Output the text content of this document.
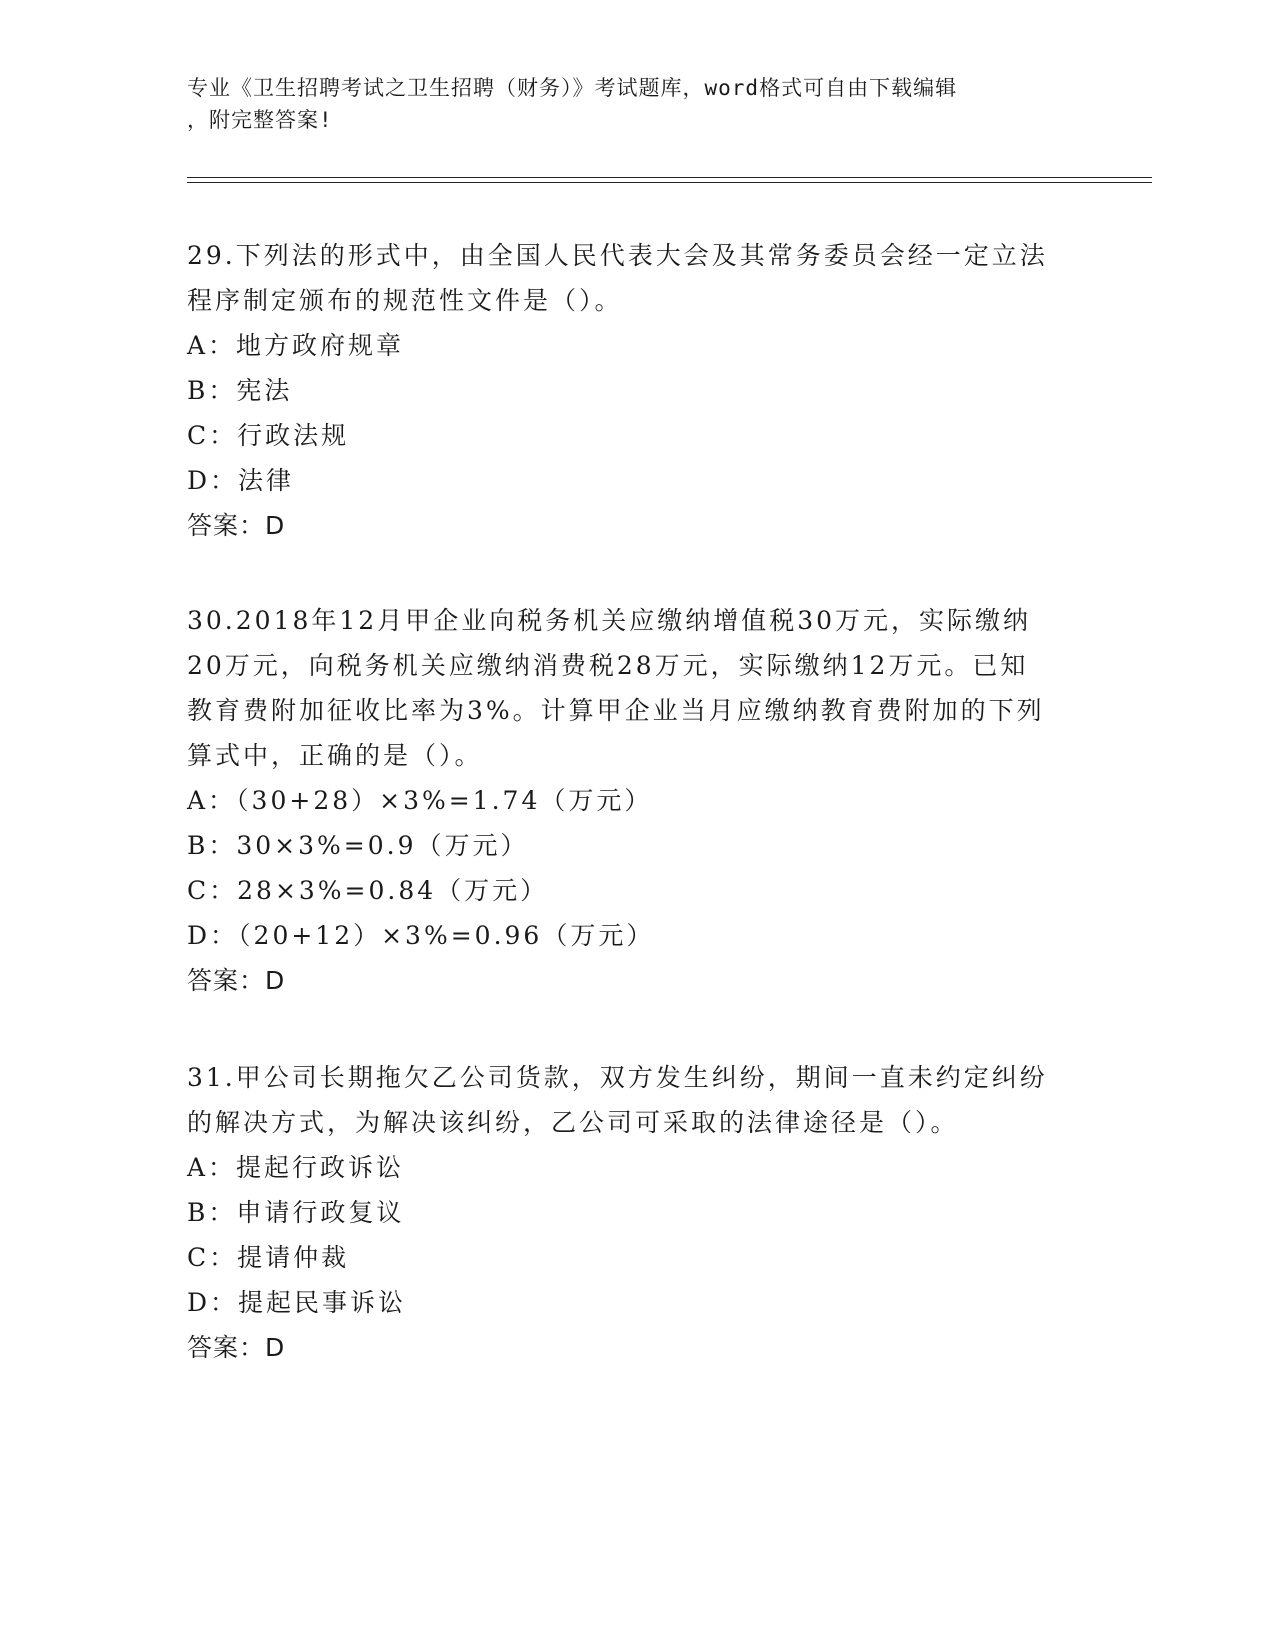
专业《卫生招聘考试之卫生招聘（财务）》考试题库，word格式可自由下载编辑
，附完整答案!
29.下列法的形式中，由全国人民代表大会及其常务委员会经一定立法
程序制定颁布的规范性文件是（）。
A：地方政府规章
B：宪法
C：行政法规
D：法律
答案：D
30.2018年12月甲企业向税务机关应缴纳增值税30万元，实际缴纳
20万元，向税务机关应缴纳消费税28万元，实际缴纳12万元。已知
教育费附加征收比率为3%。计算甲企业当月应缴纳教育费附加的下列
算式中，正确的是（）。
A：（30+28）×3%=1.74（万元）
B：30×3%=0.9（万元）
C：28×3%=0.84（万元）
D：（20+12）×3%=0.96（万元）
答案：D
31.甲公司长期拖欠乙公司货款，双方发生纠纷，期间一直未约定纠纷
的解决方式，为解决该纠纷，乙公司可采取的法律途径是（）。
A：提起行政诉讼
B：申请行政复议
C：提请仲裁
D：提起民事诉讼
答案：D
